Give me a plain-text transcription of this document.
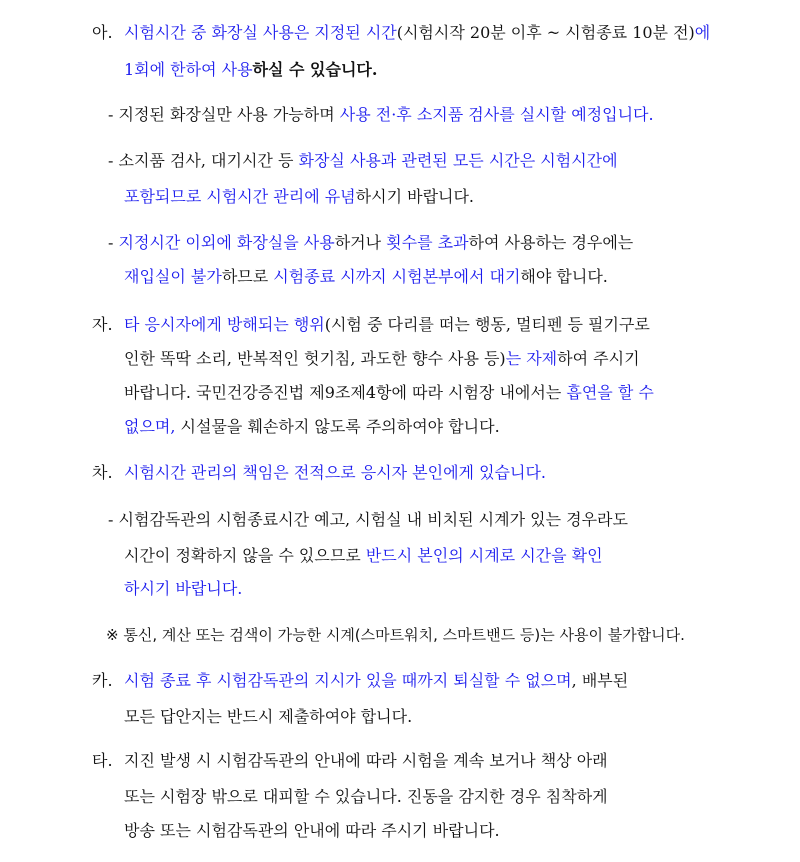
아. 시험시간 중 화장실 사용은 지정된 시간(시험시작 20분 이후 ~ 시험종료 10분 전)에
1회에 한하여 사용하실 수 있습니다.
- 지정된 화장실만 사용 가능하며 사용 전·후 소지품 검사를 실시할 예정입니다.
- 소지품 검사, 대기시간 등 화장실 사용과 관련된 모든 시간은 시험시간에
포함되므로 시험시간 관리에 유념하시기 바랍니다.
- 지정시간 이외에 화장실을 사용하거나 횟수를 초과하여 사용하는 경우에는
재입실이 불가하므로 시험종료 시까지 시험본부에서 대기해야 합니다.
자. 타 응시자에게 방해되는 행위(시험 중 다리를 떠는 행동, 멀티펜 등 필기구로
인한 똑딱 소리, 반복적인 헛기침, 과도한 향수 사용 등)는 자제하여 주시기
바랍니다. 국민건강증진법 제9조제4항에 따라 시험장 내에서는 흡연을 할 수
없으며, 시설물을 훼손하지 않도록 주의하여야 합니다.
차. 시험시간 관리의 책임은 전적으로 응시자 본인에게 있습니다.
- 시험감독관의 시험종료시간 예고, 시험실 내 비치된 시계가 있는 경우라도
시간이 정확하지 않을 수 있으므로 반드시 본인의 시계로 시간을 확인
하시기 바랍니다.
※ 통신, 계산 또는 검색이 가능한 시계(스마트워치, 스마트밴드 등)는 사용이 불가합니다.
카. 시험 종료 후 시험감독관의 지시가 있을 때까지 퇴실할 수 없으며, 배부된
모든 답안지는 반드시 제출하여야 합니다.
타. 지진 발생 시 시험감독관의 안내에 따라 시험을 계속 보거나 책상 아래
또는 시험장 밖으로 대피할 수 있습니다. 진동을 감지한 경우 침착하게
방송 또는 시험감독관의 안내에 따라 주시기 바랍니다.
